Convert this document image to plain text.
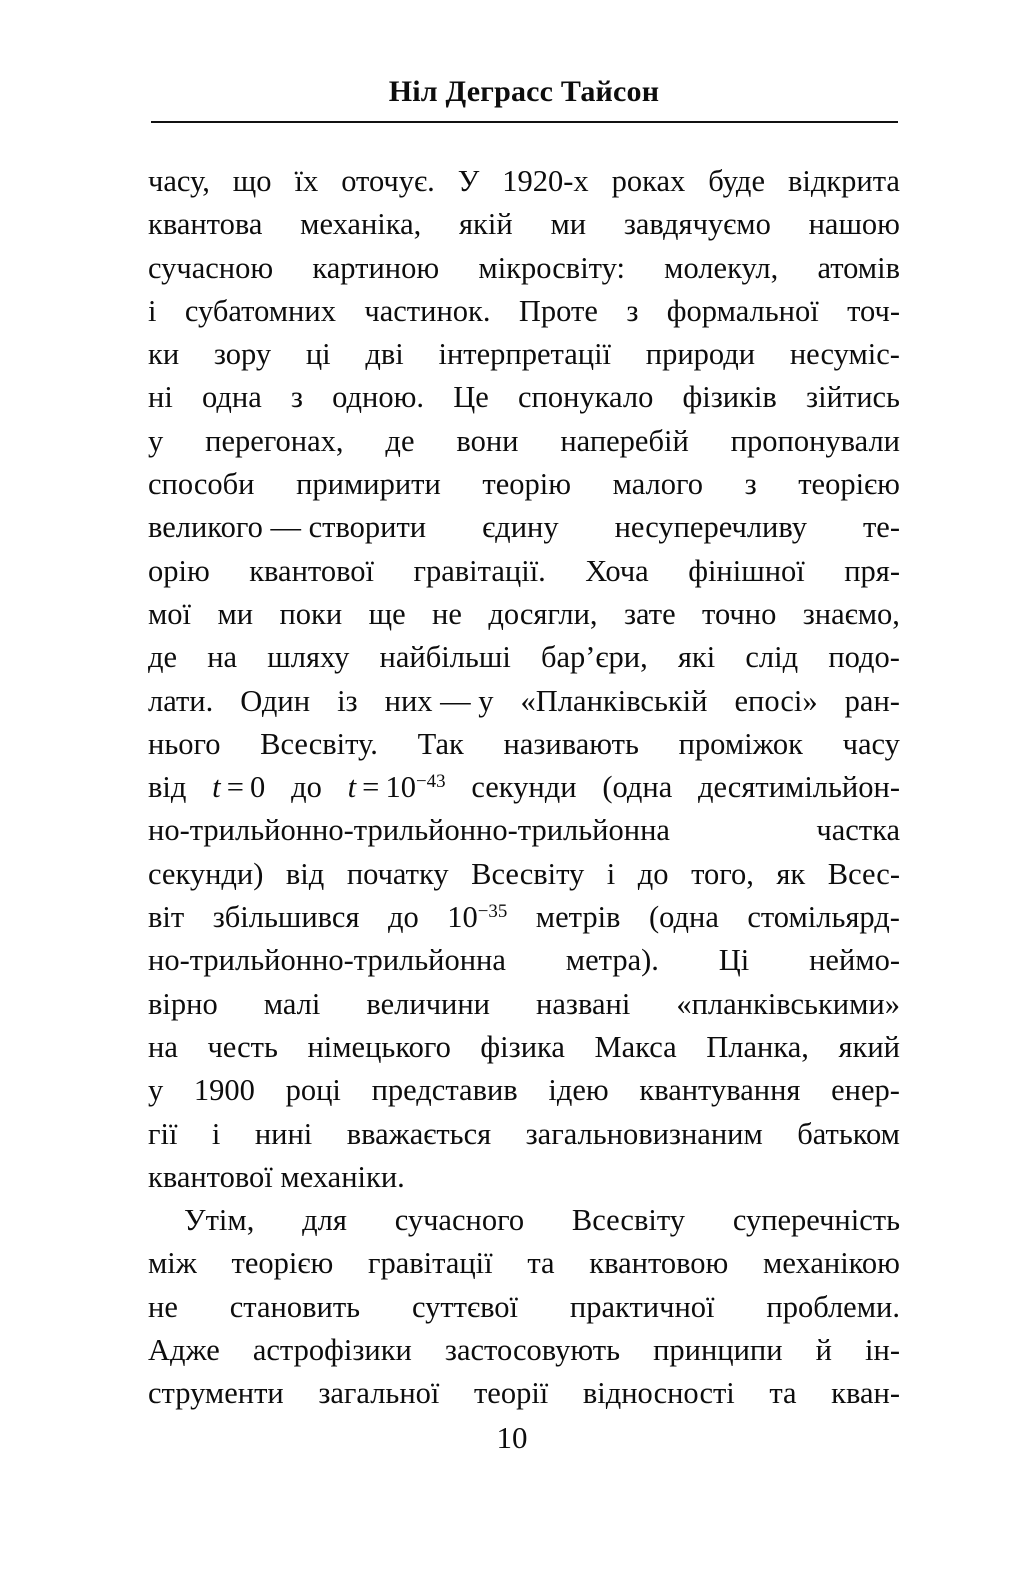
Ніл Деграсс Тайсон
часу, що їх оточує. У 1920-х роках буде відкрита
квантова механіка, якій ми завдячуємо нашою
сучасною картиною мікросвіту: молекул, атомів
і субатомних частинок. Проте з формальної точ-
ки зору ці дві інтерпретації природи несуміс-
ні одна з одною. Це спонукало фізиків зійтись
у перегонах, де вони наперебій пропонували
способи примирити теорію малого з теорією
великого — створити єдину несуперечливу те-
орію квантової гравітації. Хоча фінішної пря-
мої ми поки ще не досягли, зате точно знаємо,
де на шляху найбільші бар’єри, які слід подо-
лати. Один із них — у «Планківській епосі» ран-
нього Всесвіту. Так називають проміжок часу
від t = 0 до $t = 10^{-43}$ секунди (одна десятимільйон-
но-трильйонно-трильйонно-трильйонна	частка
секунди) від початку Всесвіту і до того, як Всес-
віт збільшився до $10^{-35}$ метрів (одна стомільярд-
но-трильйонно-трильйонна метра). Ці неймо-
вірно малі величини названі «планківськими»
на честь німецького фізика Макса Планка, який
у 1900 році представив ідею квантування енер-
гії і нині вважається загальновизнаним батьком
квантової механіки.
Утім, для сучасного Всесвіту суперечність
між теорією гравітації та квантовою механікою
не становить суттєвої практичної проблеми.
Адже астрофізики застосовують принципи й ін-
струменти загальної теорії відносності та кван-
10
